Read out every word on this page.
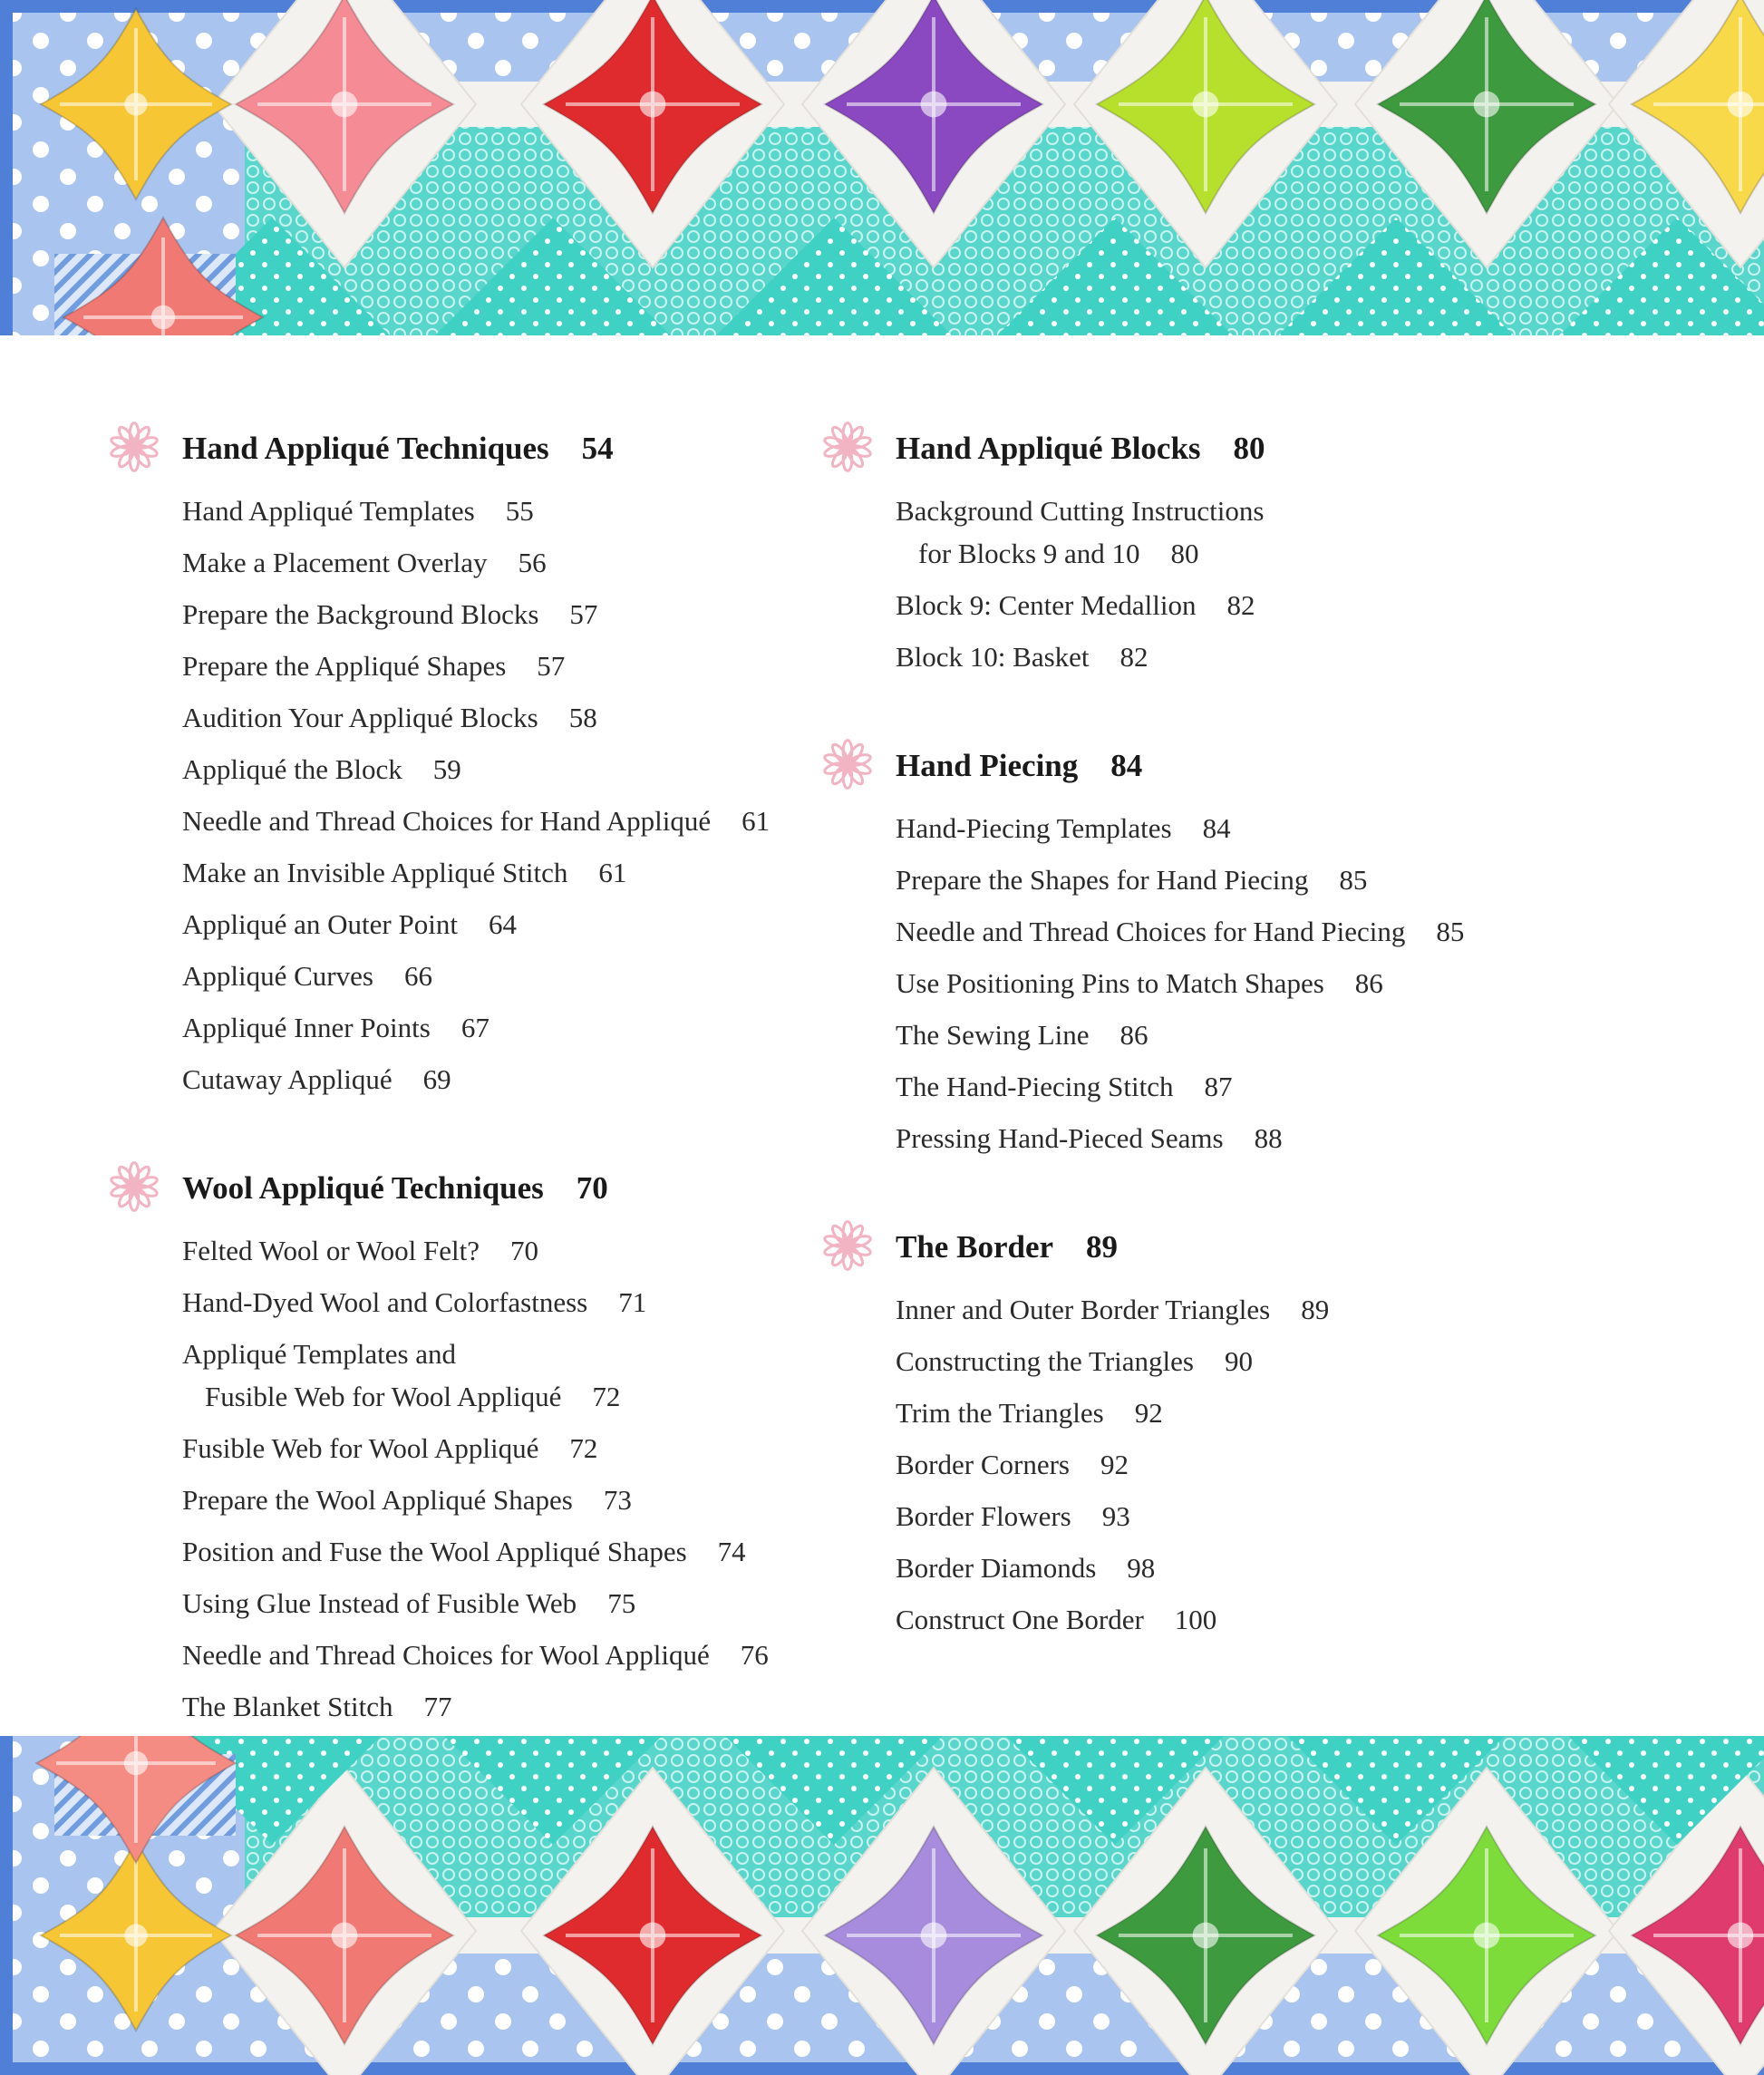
Hand Appliqué Techniques 54
Hand Appliqué Templates 55
Make a Placement Overlay 56
Prepare the Background Blocks 57
Prepare the Appliqué Shapes 57
Audition Your Appliqué Blocks 58
Appliqué the Block 59
Needle and Thread Choices for Hand Appliqué 61
Make an Invisible Appliqué Stitch 61
Appliqué an Outer Point 64
Appliqué Curves 66
Appliqué Inner Points 67
Cutaway Appliqué 69
Wool Appliqué Techniques 70
Felted Wool or Wool Felt? 70
Hand-Dyed Wool and Colorfastness 71
Appliqué Templates and
Fusible Web for Wool Appliqué 72
Fusible Web for Wool Appliqué 72
Prepare the Wool Appliqué Shapes 73
Position and Fuse the Wool Appliqué Shapes 74
Using Glue Instead of Fusible Web 75
Needle and Thread Choices for Wool Appliqué 76
The Blanket Stitch 77
Hand Appliqué Blocks 80
Background Cutting Instructions
for Blocks 9 and 10 80
Block 9: Center Medallion 82
Block 10: Basket 82
Hand Piecing 84
Hand-Piecing Templates 84
Prepare the Shapes for Hand Piecing 85
Needle and Thread Choices for Hand Piecing 85
Use Positioning Pins to Match Shapes 86
The Sewing Line 86
The Hand-Piecing Stitch 87
Pressing Hand-Pieced Seams 88
The Border 89
Inner and Outer Border Triangles 89
Constructing the Triangles 90
Trim the Triangles 92
Border Corners 92
Border Flowers 93
Border Diamonds 98
Construct One Border 100
